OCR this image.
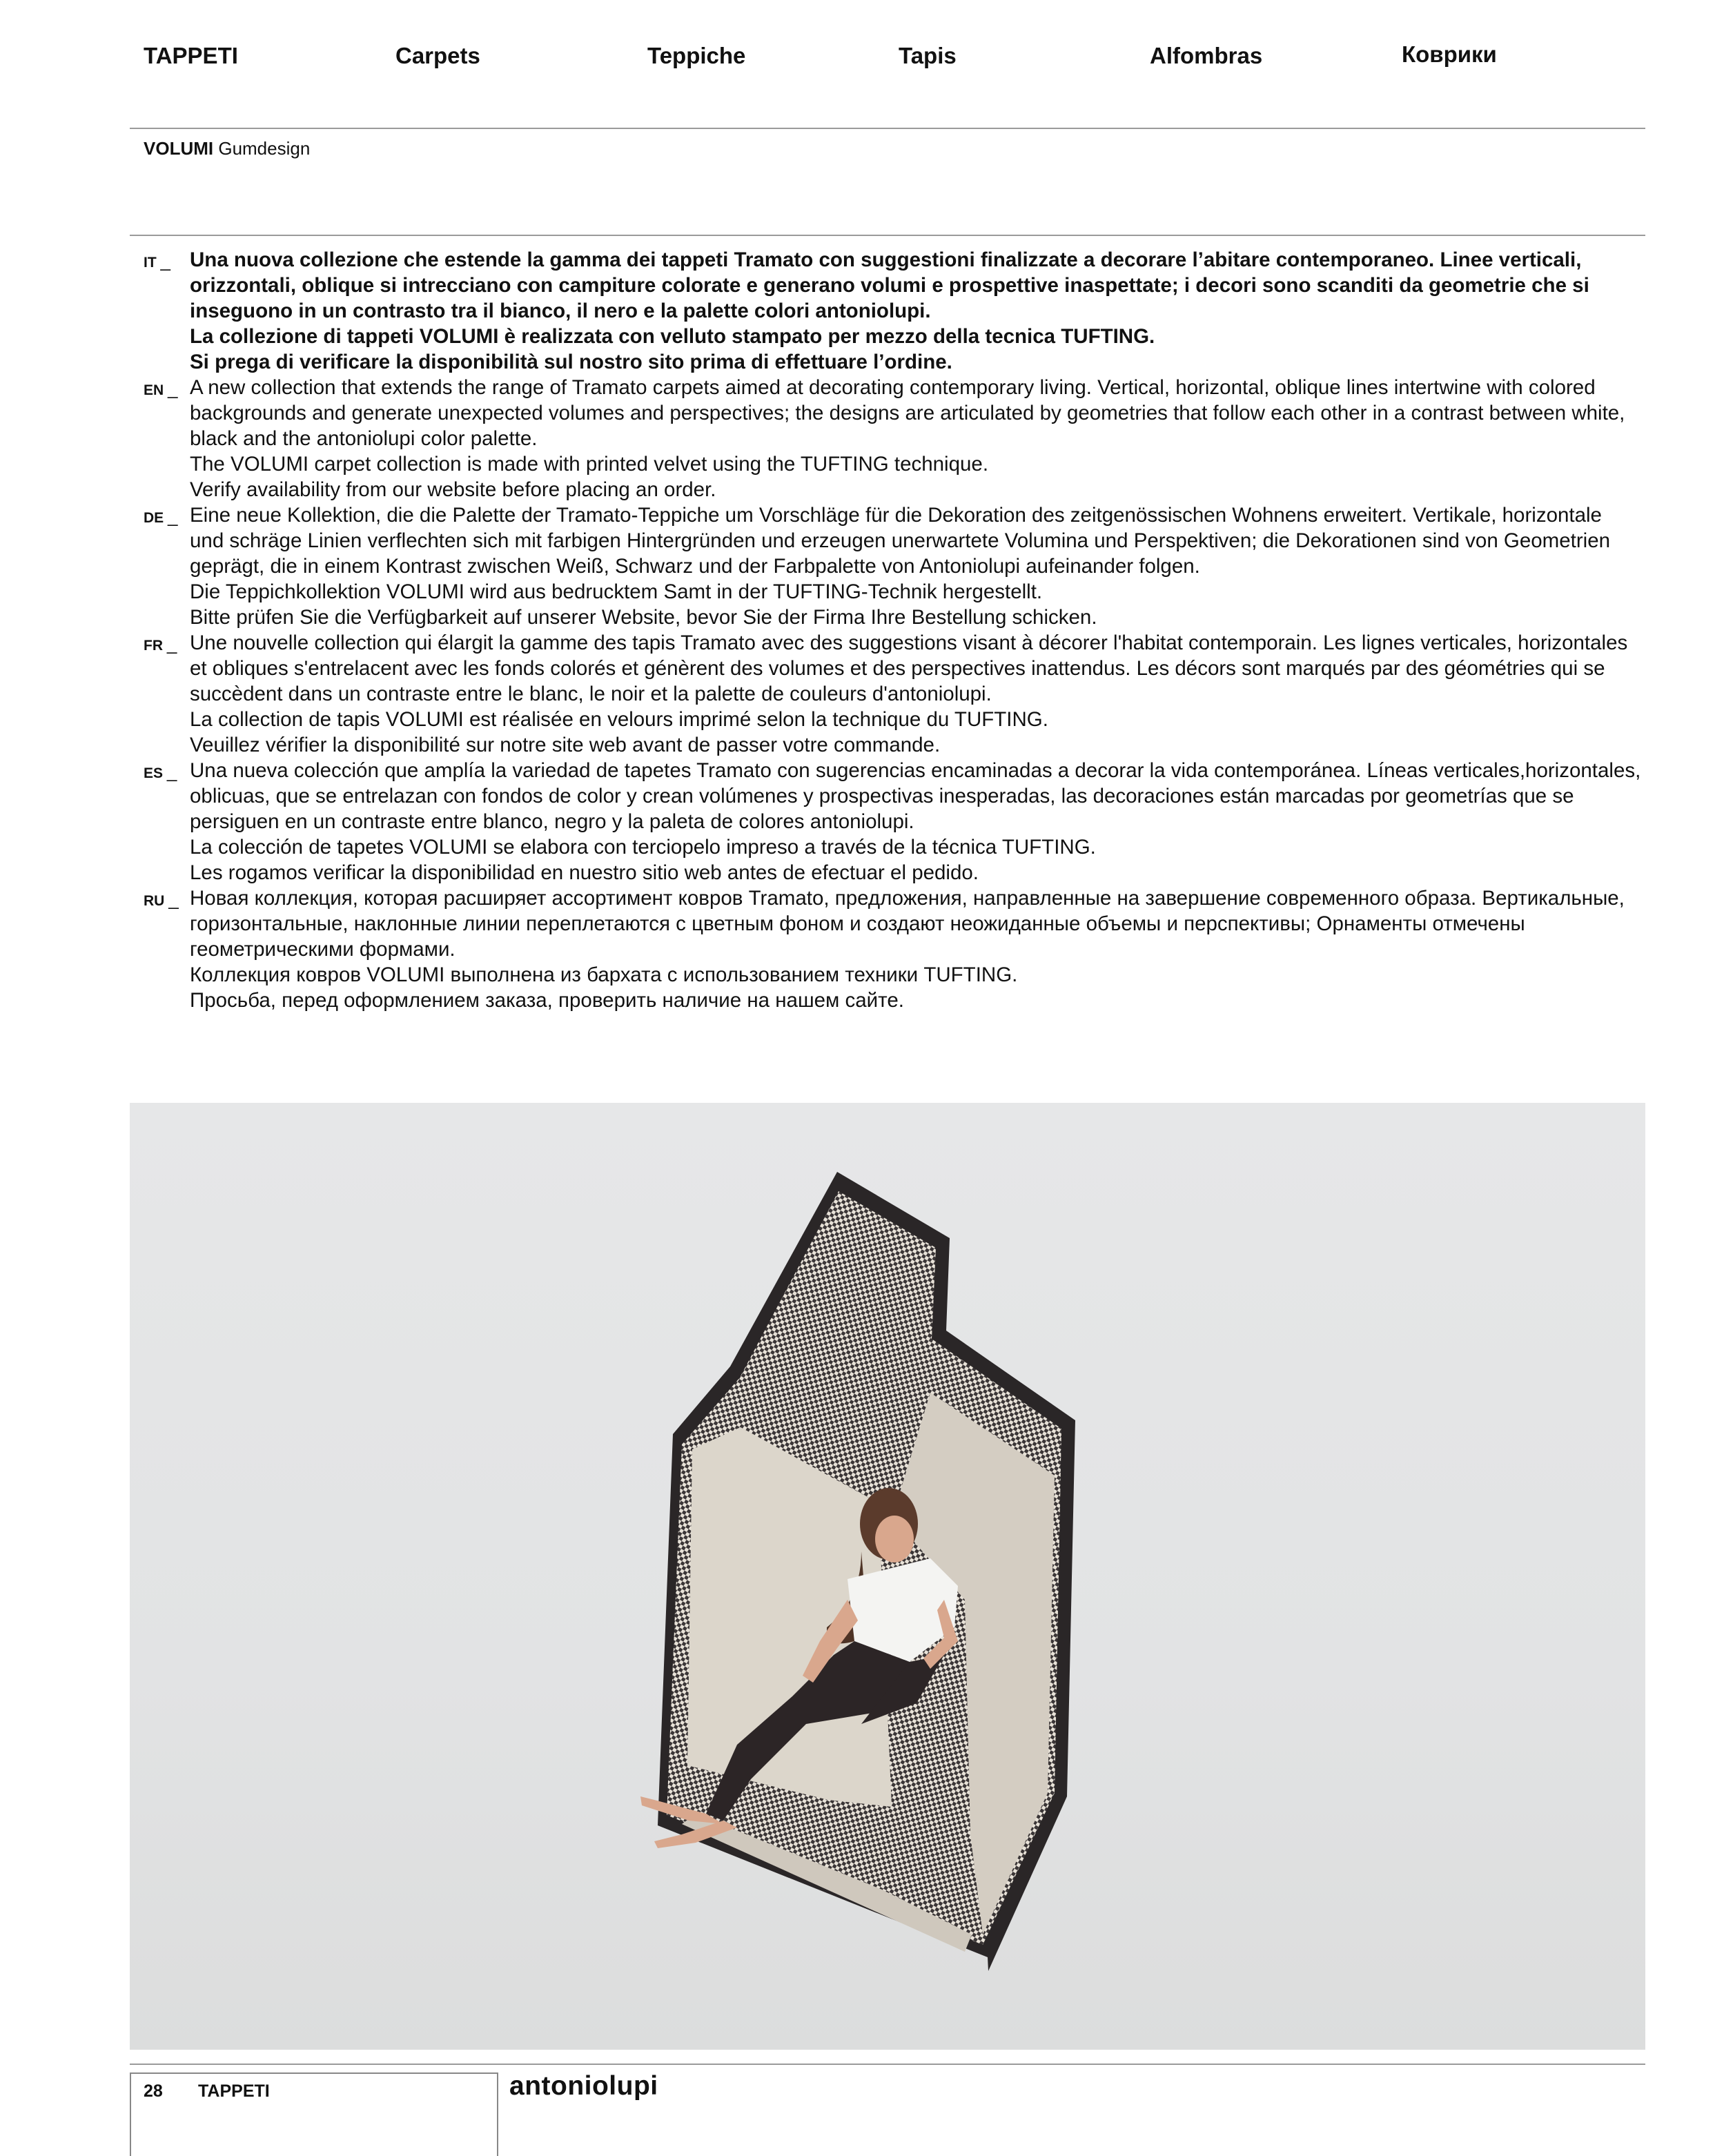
TAPPETI	Carpets	Teppiche	Tapis	Alfombras	Коврики
VOLUMI Gumdesign
IT _ Una nuova collezione che estende la gamma dei tappeti Tramato con suggestioni finalizzate a decorare l’abitare contemporaneo. Linee verticali, orizzontali, oblique si intrecciano con campiture colorate e generano volumi e prospettive inaspettate; i decori sono scanditi da geometrie che si inseguono in un contrasto tra il bianco, il nero e la palette colori antoniolupi.

La collezione di tappeti VOLUMI è realizzata con velluto stampato per mezzo della tecnica TUFTING.

Si prega di verificare la disponibilità sul nostro sito prima di effettuare l’ordine.

EN _ A new collection that extends the range of Tramato carpets aimed at decorating contemporary living. Vertical, horizontal, oblique lines intertwine with colored backgrounds and generate unexpected volumes and perspectives; the designs are articulated by geometries that follow each other in a contrast between white, black and the antoniolupi color palette.

The VOLUMI carpet collection is made with printed velvet using the TUFTING technique.

Verify availability from our website before placing an order.

DE _ Eine neue Kollektion, die die Palette der Tramato-Teppiche um Vorschläge für die Dekoration des zeitgenössischen Wohnens erweitert. Vertikale, horizontale und schräge Linien verflechten sich mit farbigen Hintergründen und erzeugen unerwartete Volumina und Perspektiven; die Dekorationen sind von Geometrien geprägt, die in einem Kontrast zwischen Weiß, Schwarz und der Farbpalette von Antoniolupi aufeinander folgen.

Die Teppichkollektion VOLUMI wird aus bedrucktem Samt in der TUFTING-Technik hergestellt.

Bitte prüfen Sie die Verfügbarkeit auf unserer Website, bevor Sie der Firma Ihre Bestellung schicken.

FR _ Une nouvelle collection qui élargit la gamme des tapis Tramato avec des suggestions visant à décorer l'habitat contemporain. Les lignes verticales, horizontales et obliques s'entrelacent avec les fonds colorés et génèrent des volumes et des perspectives inattendus. Les décors sont marqués par des géométries qui se succèdent dans un contraste entre le blanc, le noir et la palette de couleurs d'antoniolupi.

La collection de tapis VOLUMI est réalisée en velours imprimé selon la technique du TUFTING.

Veuillez vérifier la disponibilité sur notre site web avant de passer votre commande.

ES _ Una nueva colección que amplía la variedad de tapetes Tramato con sugerencias encaminadas a decorar la vida contemporánea. Líneas verticales,horizontales, oblicuas, que se entrelazan con fondos de color y crean volúmenes y prospectivas inesperadas, las decoraciones están marcadas por geometrías que se persiguen en un contraste entre blanco, negro y la paleta de colores antoniolupi.

La colección de tapetes VOLUMI se elabora con terciopelo impreso a través de la técnica TUFTING.

Les rogamos verificar la disponibilidad en nuestro sitio web antes de efectuar el pedido.

RU _ Новая коллекция, которая расширяет ассортимент ковров Tramato, предложения, направленные на завершение современного образа. Вертикальные, горизонтальные, наклонные линии переплетаются с цветным фоном и создают неожиданные объемы и перспективы; Орнаменты отмечены геометрическими формами.

Коллекция ковров VOLUMI выполнена из бархата с использованием техники TUFTING.

Просьба, перед оформлением заказа, проверить наличие на нашем сайте.

28 TAPPETI	antoniolupi
